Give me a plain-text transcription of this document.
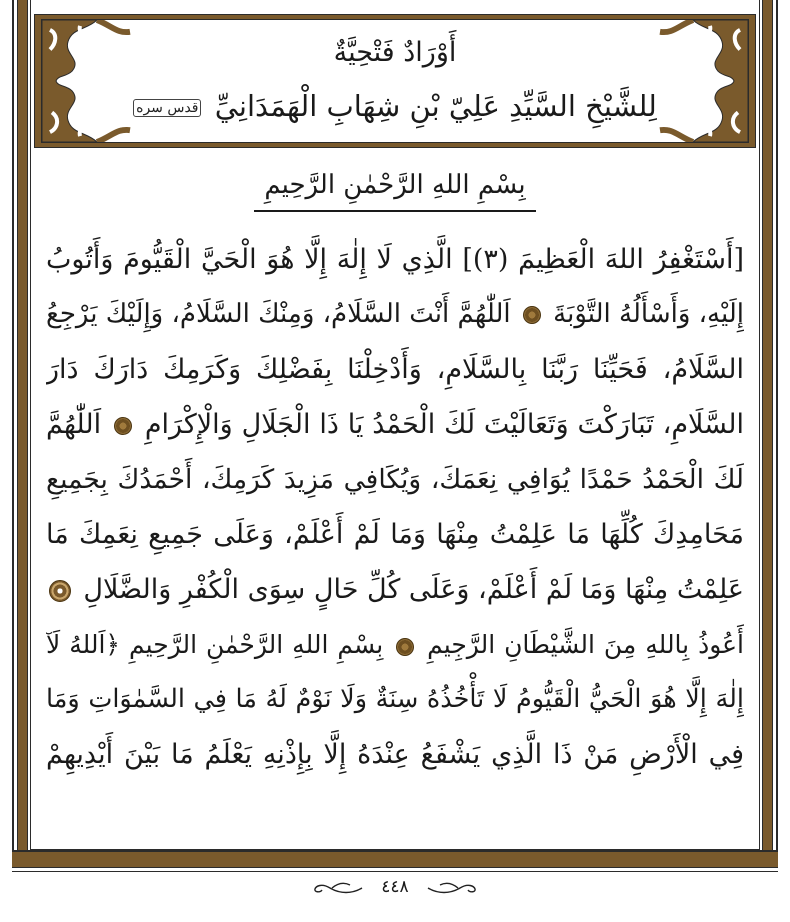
أَوْرَادٌ فَتْحِيَّةٌ
لِلشَّيْخِ السَّيِّدِ عَلِيّ بْنِ شِهَابِ الْهَمَدَانِيِّ قدس سره
بِسْمِ اللهِ الرَّحْمٰنِ الرَّحِيمِ
[أَسْتَغْفِرُ اللهَ الْعَظِيمَ (٣)] الَّذِي لَا إِلٰهَ إِلَّا هُوَ الْحَيَّ الْقَيُّومَ وَأَتُوبُ
إِلَيْهِ، وَأَسْأَلُهُ التَّوْبَةَ  اَللّٰهُمَّ أَنْتَ السَّلَامُ، وَمِنْكَ السَّلَامُ، وَإِلَيْكَ يَرْجِعُ
السَّلَامُ، فَحَيِّنَا رَبَّنَا بِالسَّلَامِ، وَأَدْخِلْنَا بِفَضْلِكَ وَكَرَمِكَ دَارَكَ دَارَ
السَّلَامِ، تَبَارَكْتَ وَتَعَالَيْتَ لَكَ الْحَمْدُ يَا ذَا الْجَلَالِ وَالْإِكْرَامِ  اَللّٰهُمَّ
لَكَ الْحَمْدُ حَمْدًا يُوَافِي نِعَمَكَ، وَيُكَافِي مَزِيدَ كَرَمِكَ، أَحْمَدُكَ بِجَمِيعِ
مَحَامِدِكَ كُلِّهَا مَا عَلِمْتُ مِنْهَا وَمَا لَمْ أَعْلَمْ، وَعَلَى جَمِيعِ نِعَمِكَ مَا
عَلِمْتُ مِنْهَا وَمَا لَمْ أَعْلَمْ، وَعَلَى كُلِّ حَالٍ سِوَى الْكُفْرِ وَالضَّلَالِ
أَعُوذُ بِاللهِ مِنَ الشَّيْطَانِ الرَّجِيمِ  بِسْمِ اللهِ الرَّحْمٰنِ الرَّحِيمِ ﴿اَللهُ لَآ
إِلٰهَ إِلَّا هُوَ الْحَيُّ الْقَيُّومُ لَا تَأْخُذُهُ سِنَةٌ وَلَا نَوْمٌ لَهُ مَا فِي السَّمٰوَاتِ وَمَا
فِي الْأَرْضِ مَنْ ذَا الَّذِي يَشْفَعُ عِنْدَهُ إِلَّا بِإِذْنِهِ يَعْلَمُ مَا بَيْنَ أَيْدِيهِمْ
٤٤٨
